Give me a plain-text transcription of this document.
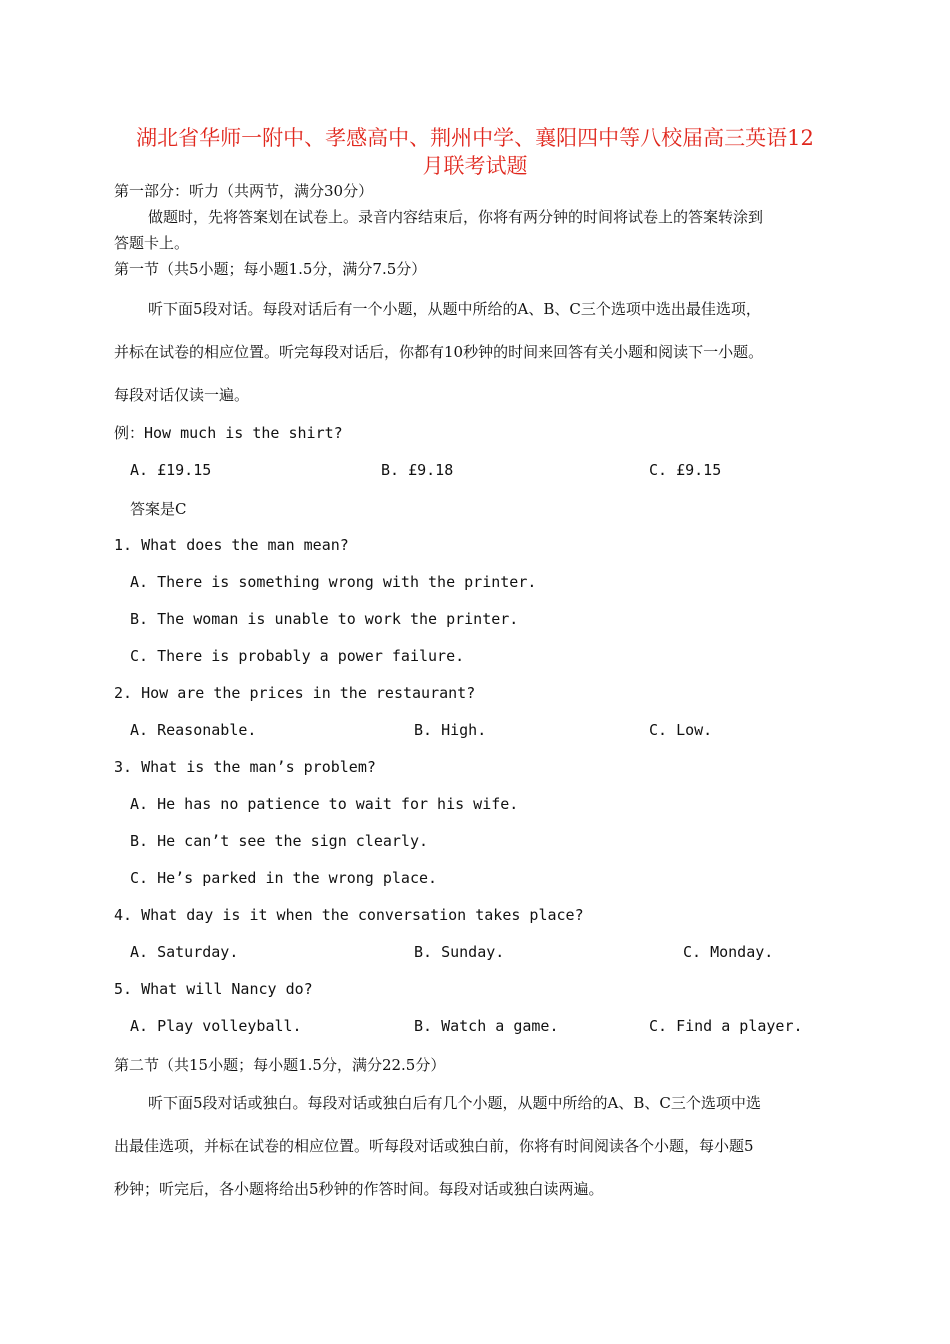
湖北省华师一附中、孝感高中、荆州中学、襄阳四中等八校届高三英语12
月联考试题
第一部分：听力（共两节，满分30分）
做题时，先将答案划在试卷上。录音内容结束后，你将有两分钟的时间将试卷上的答案转涂到
答题卡上。
第一节（共5小题；每小题1.5分，满分7.5分）
听下面5段对话。每段对话后有一个小题，从题中所给的A、B、C三个选项中选出最佳选项，
并标在试卷的相应位置。听完每段对话后，你都有10秒钟的时间来回答有关小题和阅读下一小题。
每段对话仅读一遍。
例：How much is the shirt?
A. £19.15	B. £9.18	C. £9.15
答案是C
1. What does the man mean?
A. There is something wrong with the printer.
B. The woman is unable to work the printer.
C. There is probably a power failure.
2. How are the prices in the restaurant?
A. Reasonable.	B. High.	C. Low.
3. What is the man’s problem?
A. He has no patience to wait for his wife.
B. He can’t see the sign clearly.
C. He’s parked in the wrong place.
4. What day is it when the conversation takes place?
A. Saturday.	B. Sunday.	C. Monday.
5. What will Nancy do?
A. Play volleyball.	B. Watch a game.	C. Find a player.
第二节（共15小题；每小题1.5分，满分22.5分）
听下面5段对话或独白。每段对话或独白后有几个小题，从题中所给的A、B、C三个选项中选
出最佳选项，并标在试卷的相应位置。听每段对话或独白前，你将有时间阅读各个小题，每小题5
秒钟；听完后，各小题将给出5秒钟的作答时间。每段对话或独白读两遍。
